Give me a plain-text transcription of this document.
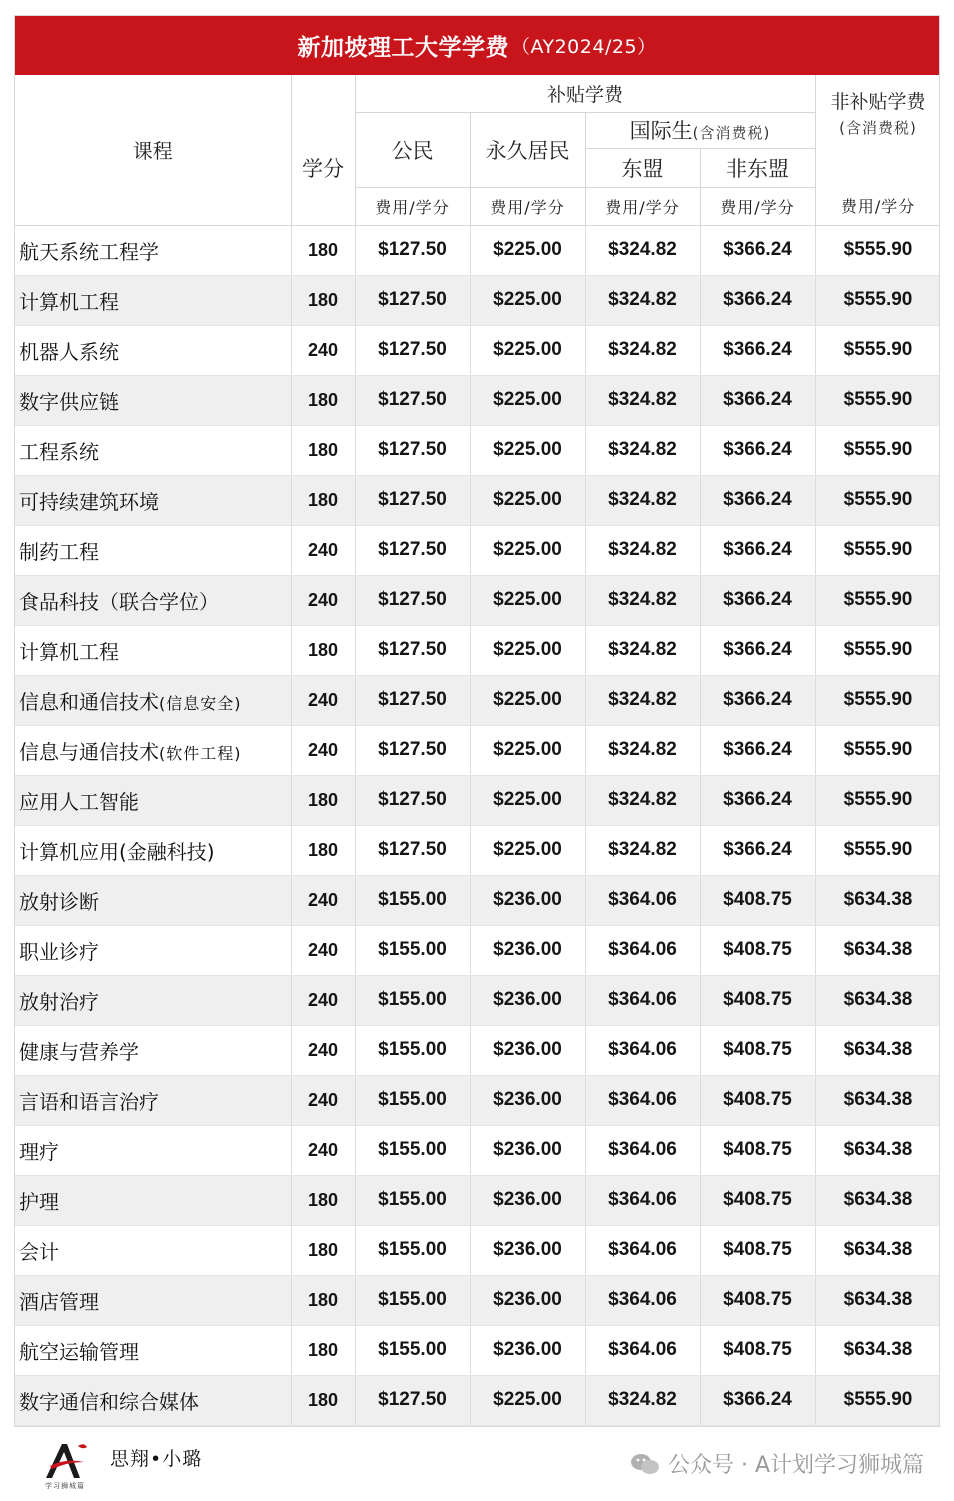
新加坡理工大学学费 （AY2024/25）
课程		补贴学费				非补贴学费
(含消费税)

	学分	公民	永久居民	国际生(含消费税)		
				东盟	非东盟	
		费用/学分	费用/学分	费用/学分	费用/学分	费用/学分
航天系统工程学	180	$127.50	$225.00	$324.82	$366.24	$555.90
计算机工程	180	$127.50	$225.00	$324.82	$366.24	$555.90
机器人系统	240	$127.50	$225.00	$324.82	$366.24	$555.90
数字供应链	180	$127.50	$225.00	$324.82	$366.24	$555.90
工程系统	180	$127.50	$225.00	$324.82	$366.24	$555.90
可持续建筑环境	180	$127.50	$225.00	$324.82	$366.24	$555.90
制药工程	240	$127.50	$225.00	$324.82	$366.24	$555.90
食品科技（联合学位）	240	$127.50	$225.00	$324.82	$366.24	$555.90
计算机工程	180	$127.50	$225.00	$324.82	$366.24	$555.90
信息和通信技术(信息安全)	240	$127.50	$225.00	$324.82	$366.24	$555.90
信息与通信技术(软件工程)	240	$127.50	$225.00	$324.82	$366.24	$555.90
应用人工智能	180	$127.50	$225.00	$324.82	$366.24	$555.90
计算机应用(金融科技)	180	$127.50	$225.00	$324.82	$366.24	$555.90
放射诊断	240	$155.00	$236.00	$364.06	$408.75	$634.38
职业诊疗	240	$155.00	$236.00	$364.06	$408.75	$634.38
放射治疗	240	$155.00	$236.00	$364.06	$408.75	$634.38
健康与营养学	240	$155.00	$236.00	$364.06	$408.75	$634.38
言语和语言治疗	240	$155.00	$236.00	$364.06	$408.75	$634.38
理疗	240	$155.00	$236.00	$364.06	$408.75	$634.38
护理	180	$155.00	$236.00	$364.06	$408.75	$634.38
会计	180	$155.00	$236.00	$364.06	$408.75	$634.38
酒店管理	180	$155.00	$236.00	$364.06	$408.75	$634.38
航空运输管理	180	$155.00	$236.00	$364.06	$408.75	$634.38
数字通信和综合媒体	180	$127.50	$225.00	$324.82	$366.24	$555.90
学习狮城篇
思翔•小璐	公众号 · A计划学习狮城篇
